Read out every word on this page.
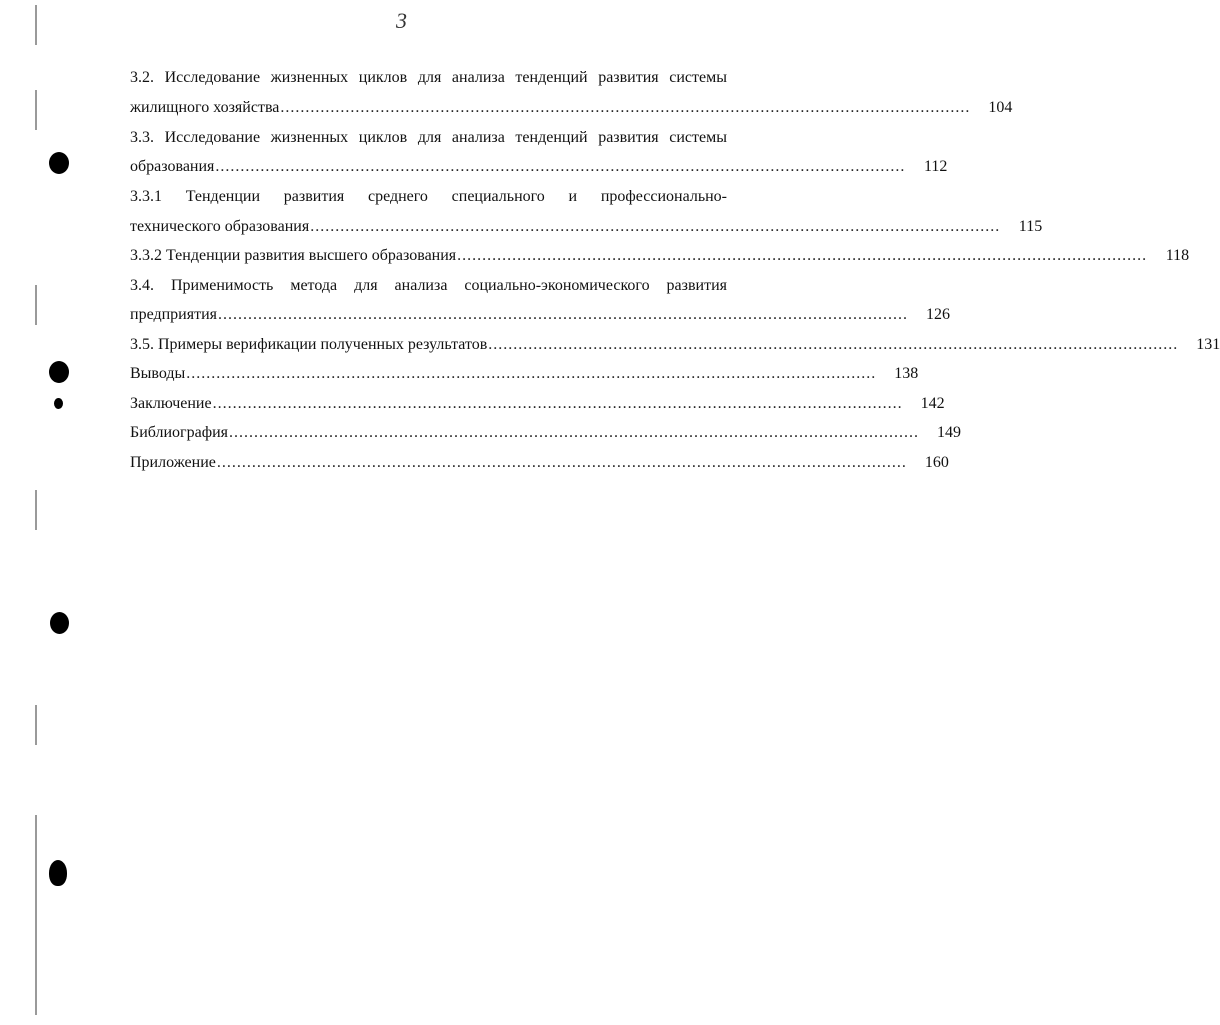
3
3.2. Исследование жизненных циклов для анализа тенденций развития системы
жилищного хозяйства ..........................................................................................................................................	104
3.3. Исследование жизненных циклов для анализа тенденций развития системы
образования ..........................................................................................................................................	112
3.3.1 Тенденции развития среднего специального и профессионально-
технического образования ..........................................................................................................................................	115
3.3.2 Тенденции развития высшего образования ..........................................................................................................................................	118
3.4. Применимость метода для анализа социально-экономического развития
предприятия ..........................................................................................................................................	126
3.5. Примеры верификации полученных результатов ..........................................................................................................................................	131
Выводы ..........................................................................................................................................	138
Заключение ..........................................................................................................................................	142
Библиография ..........................................................................................................................................	149
Приложение ..........................................................................................................................................	160
